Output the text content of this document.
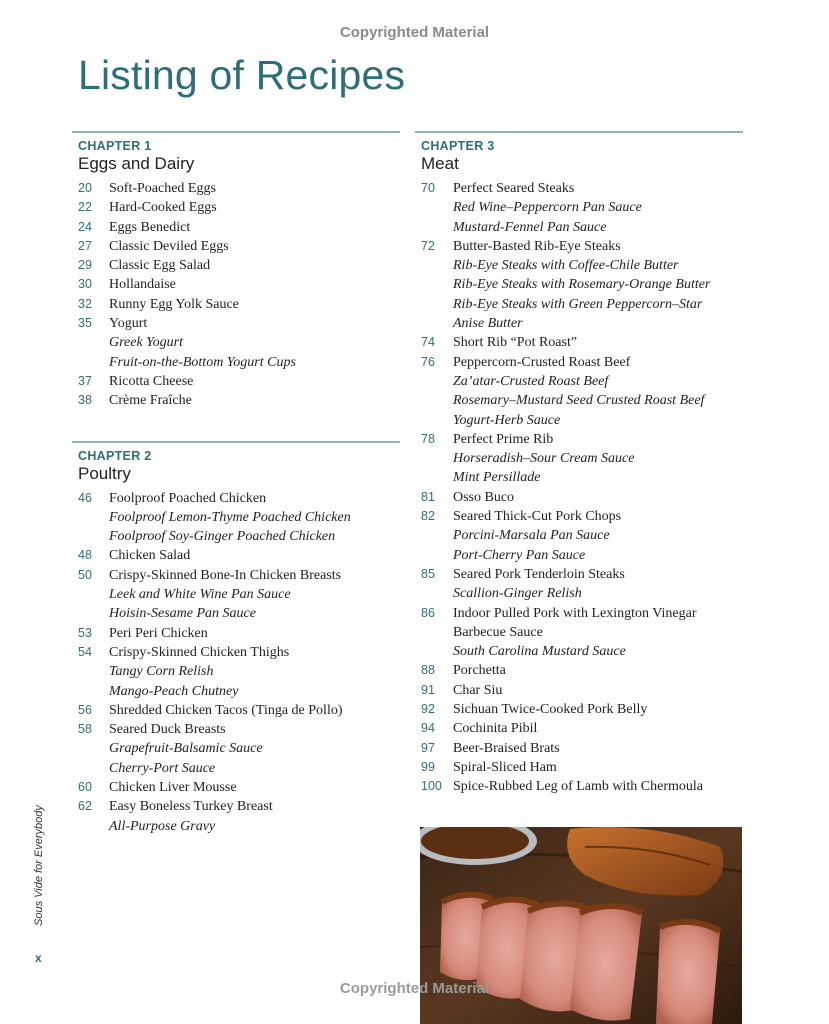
Copyrighted Material
Listing of Recipes
CHAPTER 1
Eggs and Dairy
20	Soft-Poached Eggs
22	Hard-Cooked Eggs
24	Eggs Benedict
27	Classic Deviled Eggs
29	Classic Egg Salad
30	Hollandaise
32	Runny Egg Yolk Sauce
35	Yogurt
Greek Yogurt
Fruit-on-the-Bottom Yogurt Cups
37	Ricotta Cheese
38	Crème Fraîche
CHAPTER 2
Poultry
46	Foolproof Poached Chicken
Foolproof Lemon-Thyme Poached Chicken
Foolproof Soy-Ginger Poached Chicken
48	Chicken Salad
50	Crispy-Skinned Bone-In Chicken Breasts
Leek and White Wine Pan Sauce
Hoisin-Sesame Pan Sauce
53	Peri Peri Chicken
54	Crispy-Skinned Chicken Thighs
Tangy Corn Relish
Mango-Peach Chutney
56	Shredded Chicken Tacos (Tinga de Pollo)
58	Seared Duck Breasts
Grapefruit-Balsamic Sauce
Cherry-Port Sauce
60	Chicken Liver Mousse
62	Easy Boneless Turkey Breast
All-Purpose Gravy
CHAPTER 3
Meat
70	Perfect Seared Steaks
Red Wine–Peppercorn Pan Sauce
Mustard-Fennel Pan Sauce
72	Butter-Basted Rib-Eye Steaks
Rib-Eye Steaks with Coffee-Chile Butter
Rib-Eye Steaks with Rosemary-Orange Butter
Rib-Eye Steaks with Green Peppercorn–Star
Anise Butter
74	Short Rib “Pot Roast”
76	Peppercorn-Crusted Roast Beef
Za’atar-Crusted Roast Beef
Rosemary–Mustard Seed Crusted Roast Beef
Yogurt-Herb Sauce
78	Perfect Prime Rib
Horseradish–Sour Cream Sauce
Mint Persillade
81	Osso Buco
82	Seared Thick-Cut Pork Chops
Porcini-Marsala Pan Sauce
Port-Cherry Pan Sauce
85	Seared Pork Tenderloin Steaks
Scallion-Ginger Relish
86	Indoor Pulled Pork with Lexington Vinegar
Barbecue Sauce
South Carolina Mustard Sauce
88	Porchetta
91	Char Siu
92	Sichuan Twice-Cooked Pork Belly
94	Cochinita Pibil
97	Beer-Braised Brats
99	Spiral-Sliced Ham
100 Spice-Rubbed Leg of Lamb with Chermoula
Sous Vide for Everybody
x
Copyrighted Material
